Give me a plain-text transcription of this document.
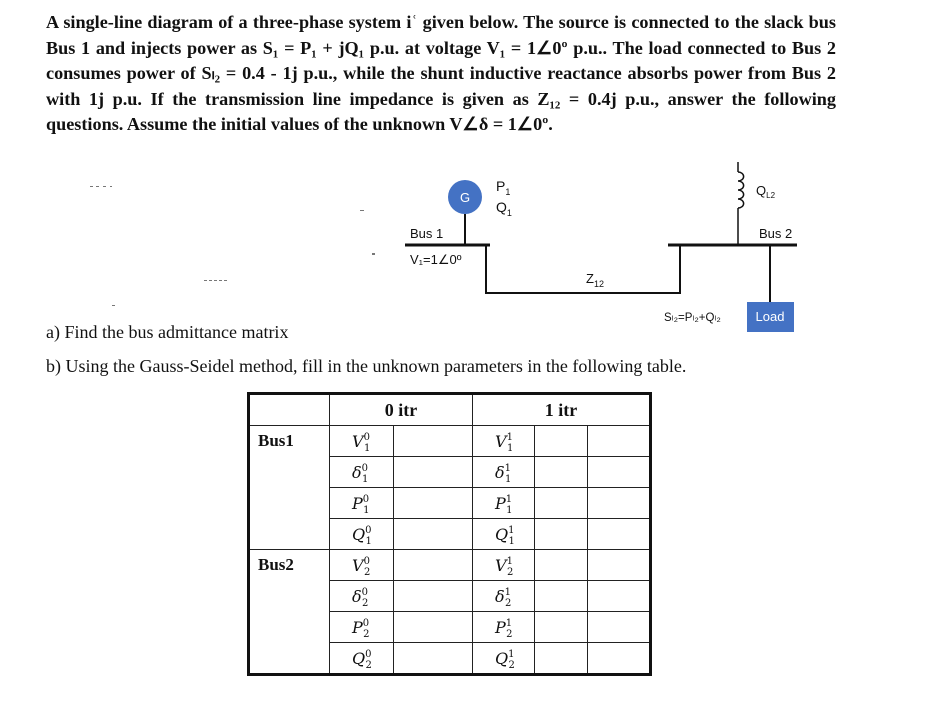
A single-line diagram of a three-phase system iʿ given below. The source is connected to the slack bus Bus 1 and injects power as S₁ = P₁ + jQ₁ p.u. at voltage V₁ = 1∠0º p.u.. The load connected to Bus 2 consumes power of Sₗ₂ = 0.4 - 1j p.u., while the shunt inductive reactance absorbs power from Bus 2 with 1j p.u. If the transmission line impedance is given as Z₁₂ = 0.4j p.u., answer the following questions. Assume the initial values of the unknown V∠δ = 1∠0º.

G
$P_1$
$Q_1$
Bus 1
V₁=1∠0º
$Z_{12}$
Bus 2
$Q_{L2}$
Load
Sₗ₂=Pₗ₂+Qₗ₂

a) Find the bus admittance matrix

b) Using the Gauss-Seidel method, fill in the unknown parameters in the following table.

	0 itr		1 itr		
Bus1	V01		V11		
	δ01		δ11		
	P01		P11		
	Q01		Q11		
Bus2	V02		V12		
	δ02		δ12		
	P02		P12		
	Q02		Q12		
